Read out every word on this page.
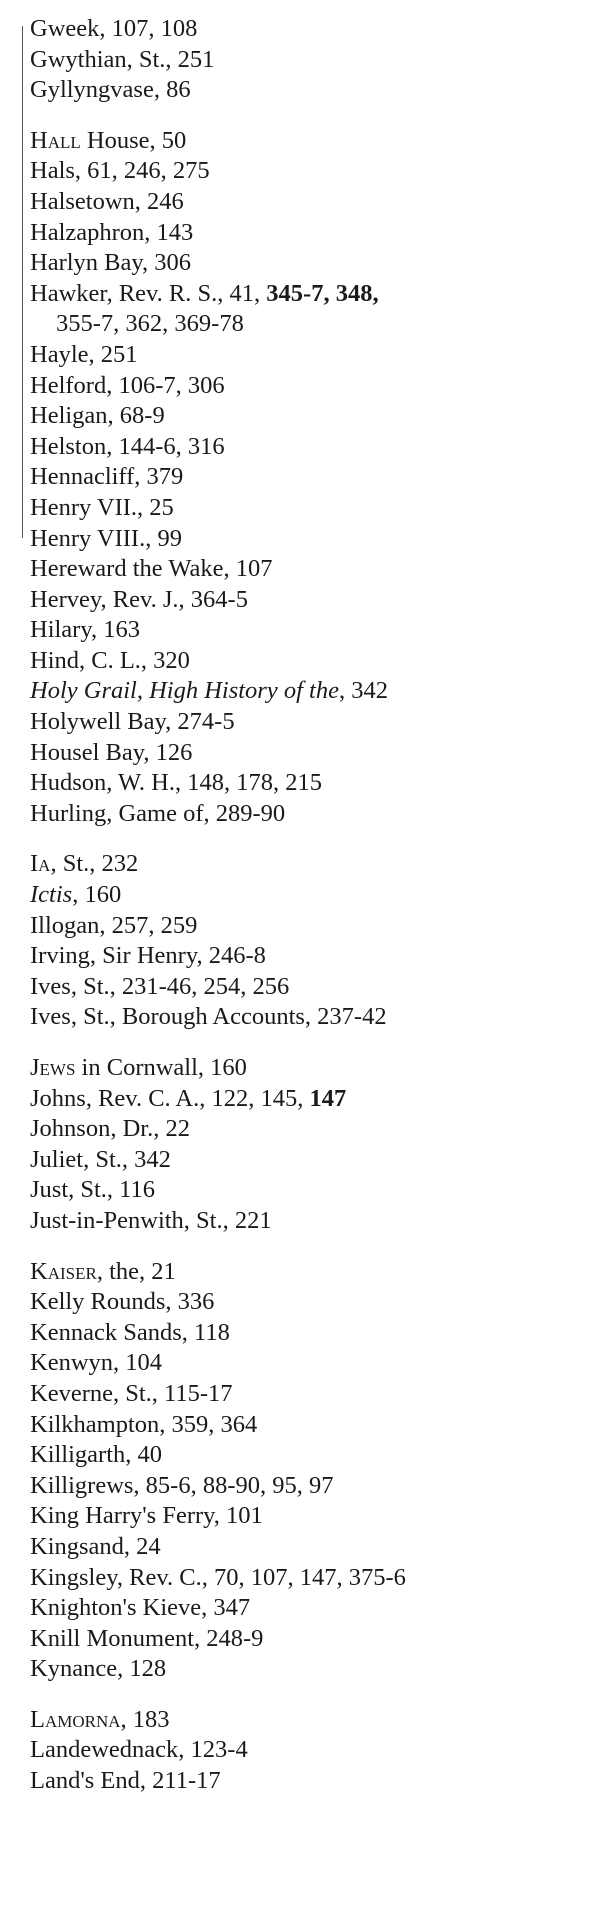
Gweek, 107, 108
Gwythian, St., 251
Gyllyngvase, 86
Hall House, 50
Hals, 61, 246, 275
Halsetown, 246
Halzaphron, 143
Harlyn Bay, 306
Hawker, Rev. R. S., 41, 345-7, 348,
355-7, 362, 369-78
Hayle, 251
Helford, 106-7, 306
Heligan, 68-9
Helston, 144-6, 316
Hennacliff, 379
Henry VII., 25
Henry VIII., 99
Hereward the Wake, 107
Hervey, Rev. J., 364-5
Hilary, 163
Hind, C. L., 320
Holy Grail, High History of the, 342
Holywell Bay, 274-5
Housel Bay, 126
Hudson, W. H., 148, 178, 215
Hurling, Game of, 289-90
Ia, St., 232
Ictis, 160
Illogan, 257, 259
Irving, Sir Henry, 246-8
Ives, St., 231-46, 254, 256
Ives, St., Borough Accounts, 237-42
Jews in Cornwall, 160
Johns, Rev. C. A., 122, 145, 147
Johnson, Dr., 22
Juliet, St., 342
Just, St., 116
Just-in-Penwith, St., 221
Kaiser, the, 21
Kelly Rounds, 336
Kennack Sands, 118
Kenwyn, 104
Keverne, St., 115-17
Kilkhampton, 359, 364
Killigarth, 40
Killigrews, 85-6, 88-90, 95, 97
King Harry's Ferry, 101
Kingsand, 24
Kingsley, Rev. C., 70, 107, 147, 375-6
Knighton's Kieve, 347
Knill Monument, 248-9
Kynance, 128
Lamorna, 183
Landewednack, 123-4
Land's End, 211-17
